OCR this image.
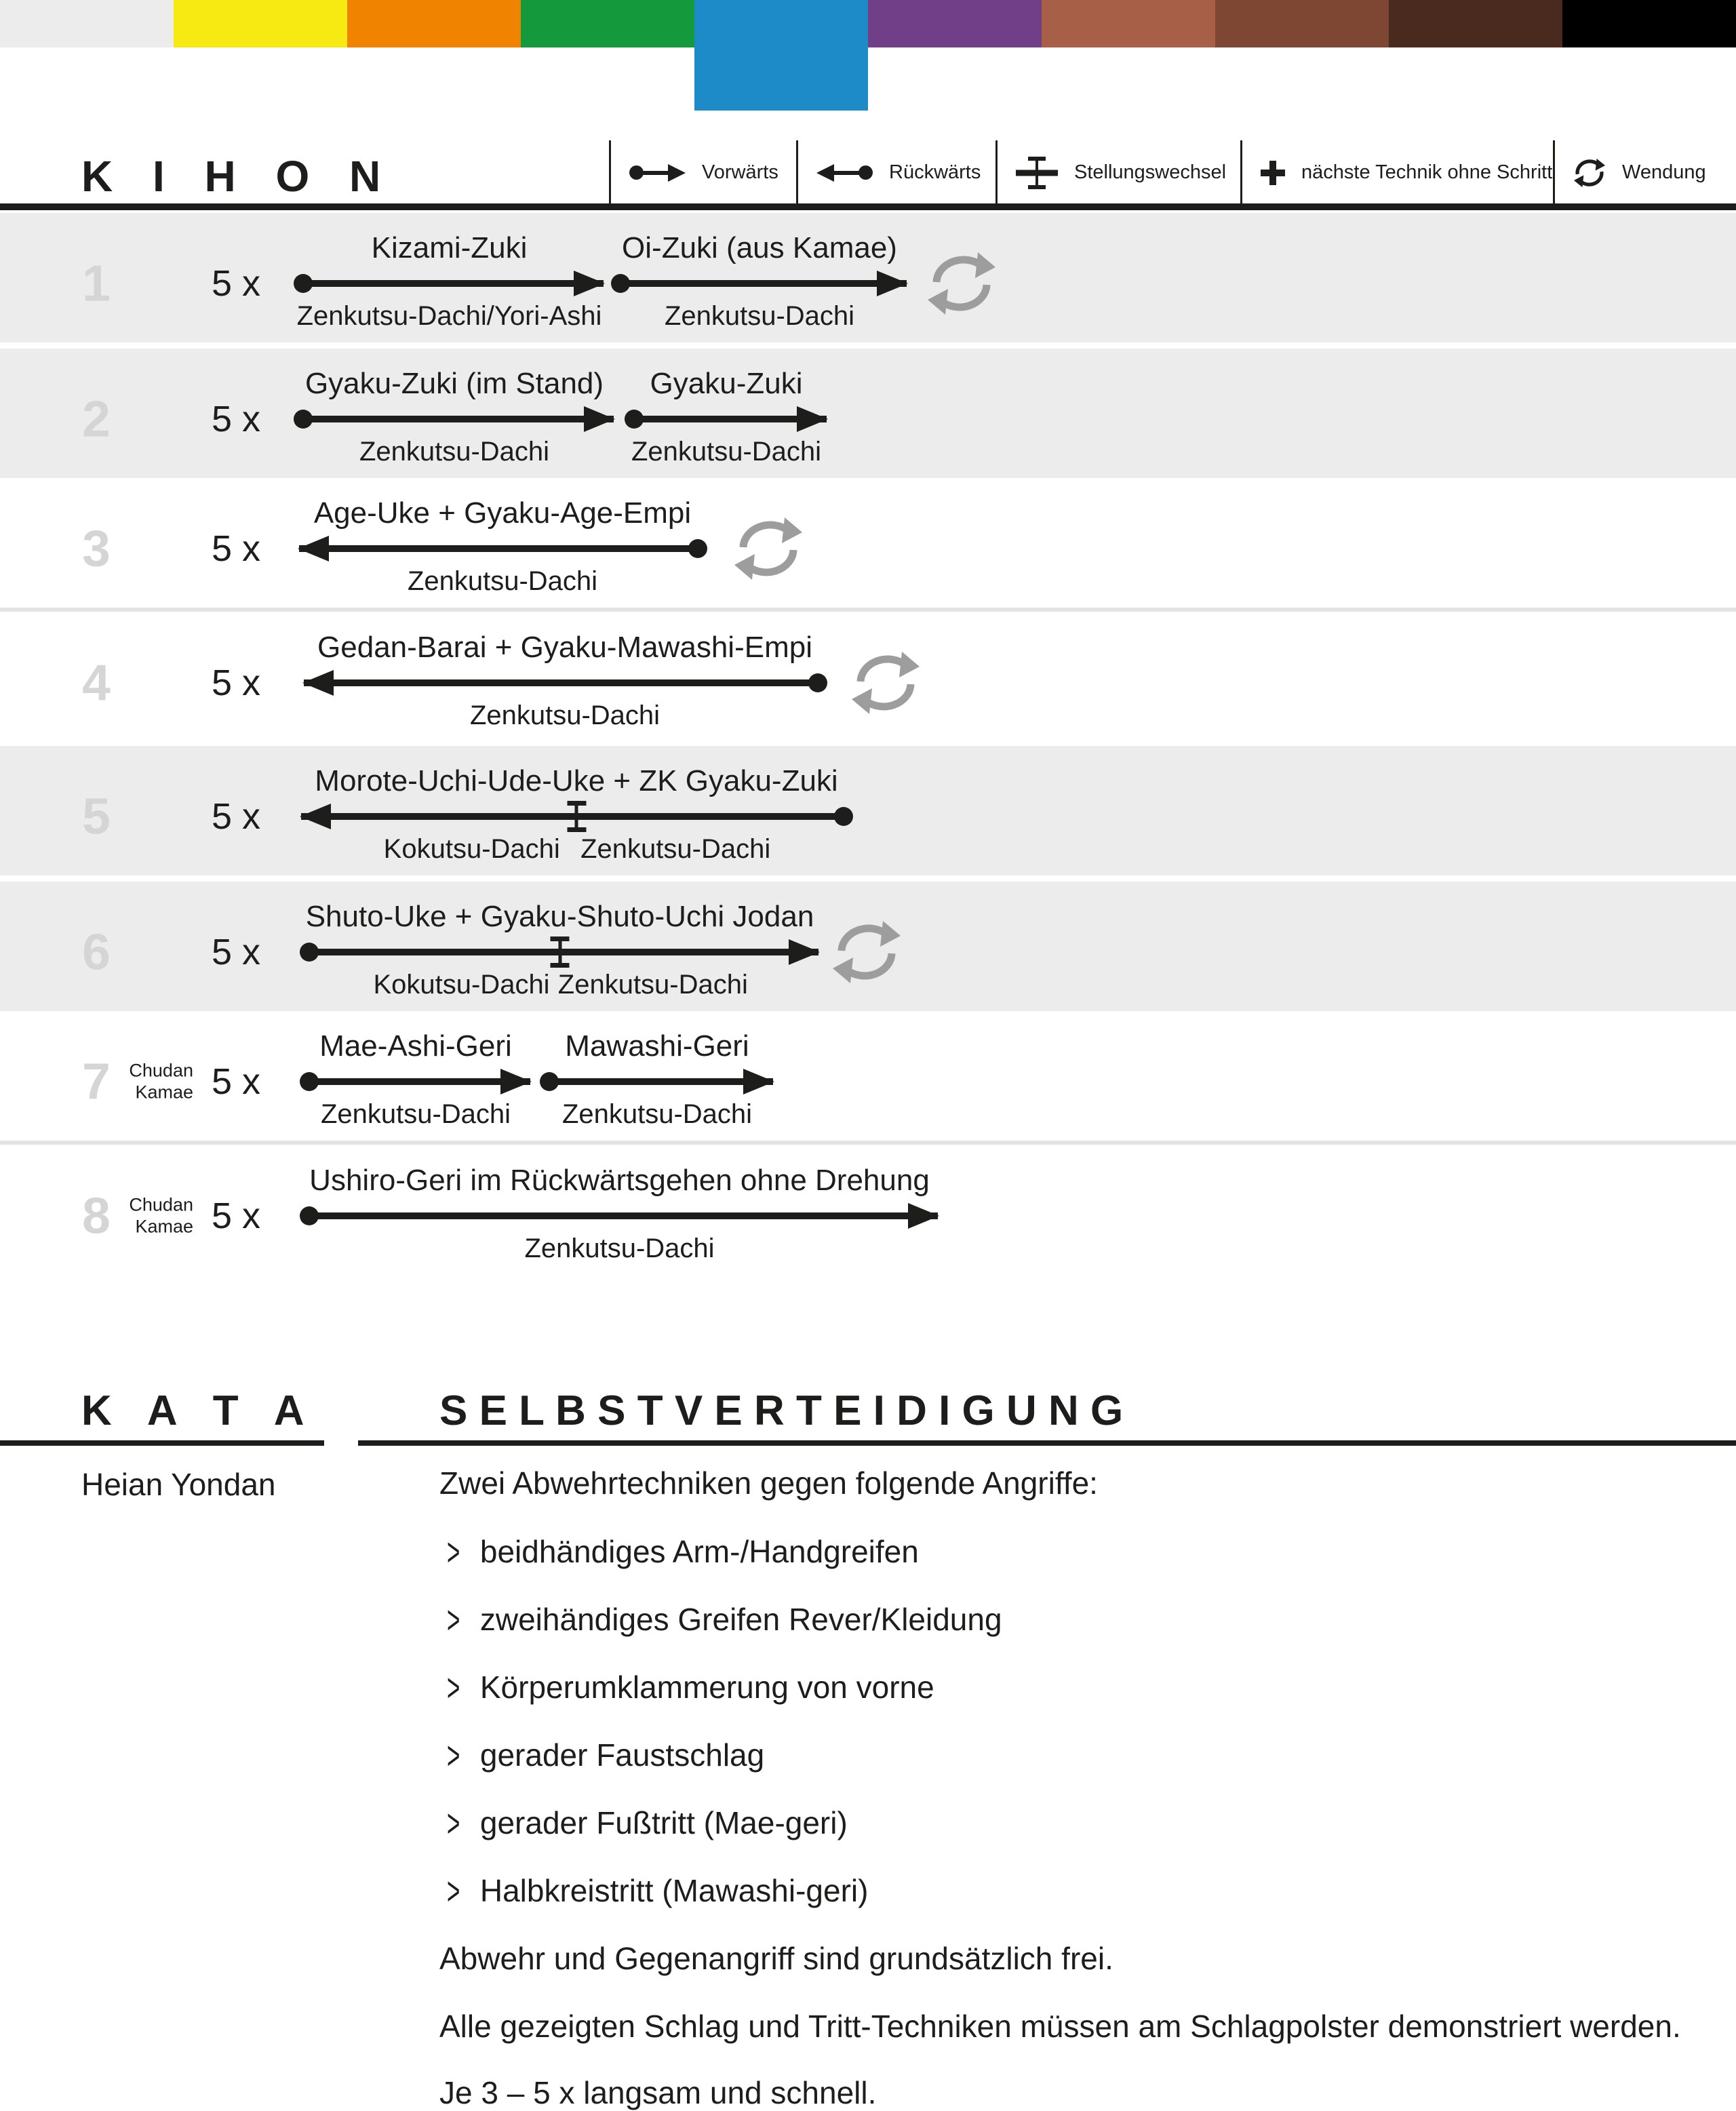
K I H O N	Vorwärts	Rückwärts	Stellungswechsel	nächste Technik ohne Schritt	Wendung
1	5 x
Kizami-Zuki
Zenkutsu-Dachi/Yori-Ashi
Oi-Zuki (aus Kamae)
Zenkutsu-Dachi
2	5 x
Gyaku-Zuki (im Stand)
Zenkutsu-Dachi
Gyaku-Zuki
Zenkutsu-Dachi
3	5 x
Age-Uke + Gyaku-Age-Empi
Zenkutsu-Dachi
4	5 x
Gedan-Barai + Gyaku-Mawashi-Empi
Zenkutsu-Dachi
5	5 x
Morote-Uchi-Ude-Uke + ZK Gyaku-Zuki
Kokutsu-Dachi Zenkutsu-Dachi
6	5 x
Shuto-Uke + Gyaku-Shuto-Uchi Jodan
Kokutsu-Dachi Zenkutsu-Dachi
7	Chudan
Kamae 5 x
Mae-Ashi-Geri
Zenkutsu-Dachi
Mawashi-Geri
Zenkutsu-Dachi
8	Chudan
Kamae 5 x
Ushiro-Geri im Rückwärtsgehen ohne Drehung
Zenkutsu-Dachi
K A T A	S E L B S T V E R T E I D I G U N G
Heian Yondan	Zwei Abwehrtechniken gegen folgende Angriffe:
> beidhändiges Arm-/Handgreifen
> zweihändiges Greifen Rever/Kleidung
> Körperumklammerung von vorne
> gerader Faustschlag
> gerader Fußtritt (Mae-geri)
> Halbkreistritt (Mawashi-geri)
Abwehr und Gegenangriff sind grundsätzlich frei.
Alle gezeigten Schlag und Tritt-Techniken müssen am Schlagpolster demonstriert werden.
Je 3 – 5 x langsam und schnell.
